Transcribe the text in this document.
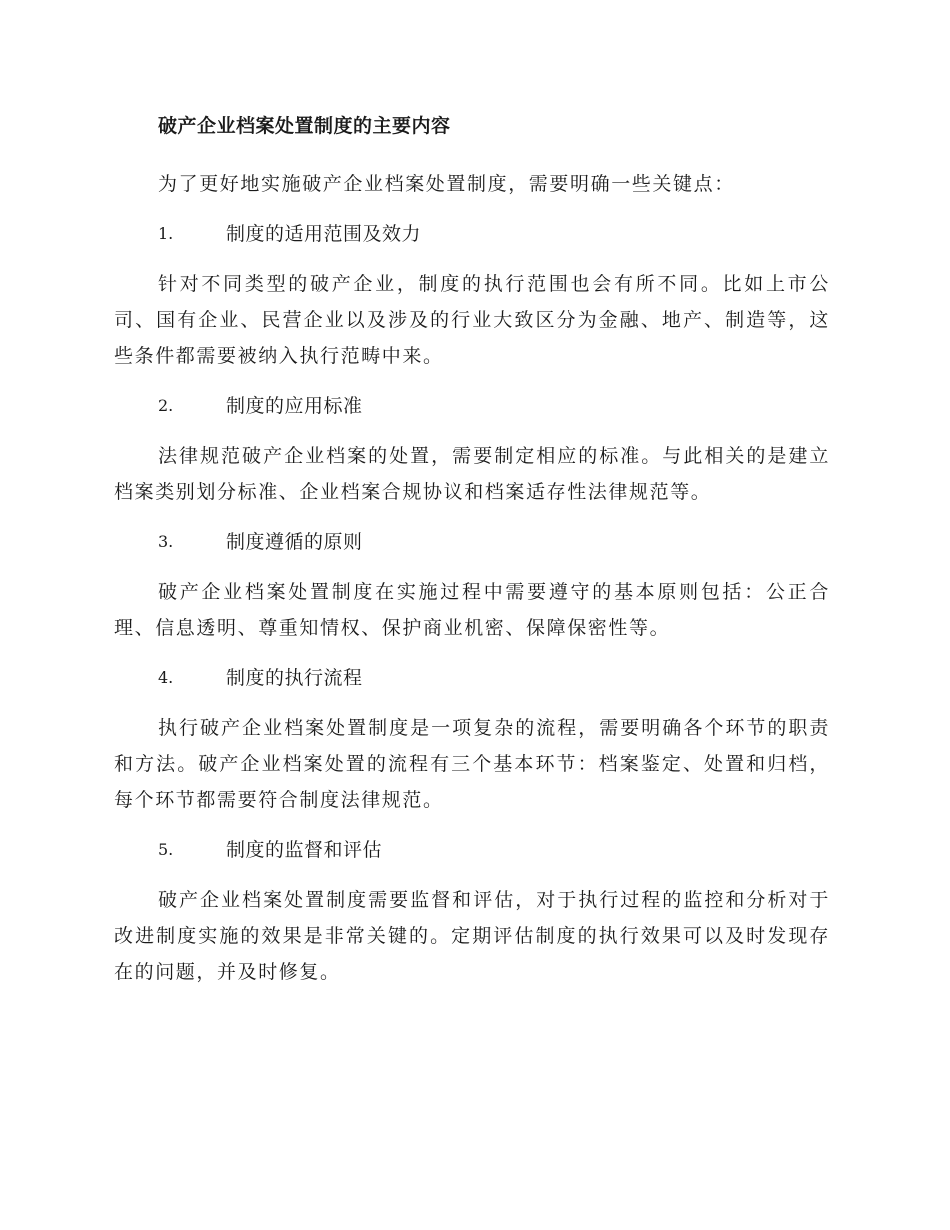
破产企业档案处置制度的主要内容

为了更好地实施破产企业档案处置制度，需要明确一些关键点：

1.	制度的适用范围及效力

针对不同类型的破产企业，制度的执行范围也会有所不同。比如上市公司、国有企业、民营企业以及涉及的行业大致区分为金融、地产、制造等，这些条件都需要被纳入执行范畴中来。

2.	制度的应用标准

法律规范破产企业档案的处置，需要制定相应的标准。与此相关的是建立档案类别划分标准、企业档案合规协议和档案适存性法律规范等。

3.	制度遵循的原则

破产企业档案处置制度在实施过程中需要遵守的基本原则包括：公正合理、信息透明、尊重知情权、保护商业机密、保障保密性等。

4.	制度的执行流程

执行破产企业档案处置制度是一项复杂的流程，需要明确各个环节的职责和方法。破产企业档案处置的流程有三个基本环节：档案鉴定、处置和归档，每个环节都需要符合制度法律规范。

5.	制度的监督和评估

破产企业档案处置制度需要监督和评估，对于执行过程的监控和分析对于改进制度实施的效果是非常关键的。定期评估制度的执行效果可以及时发现存在的问题，并及时修复。
